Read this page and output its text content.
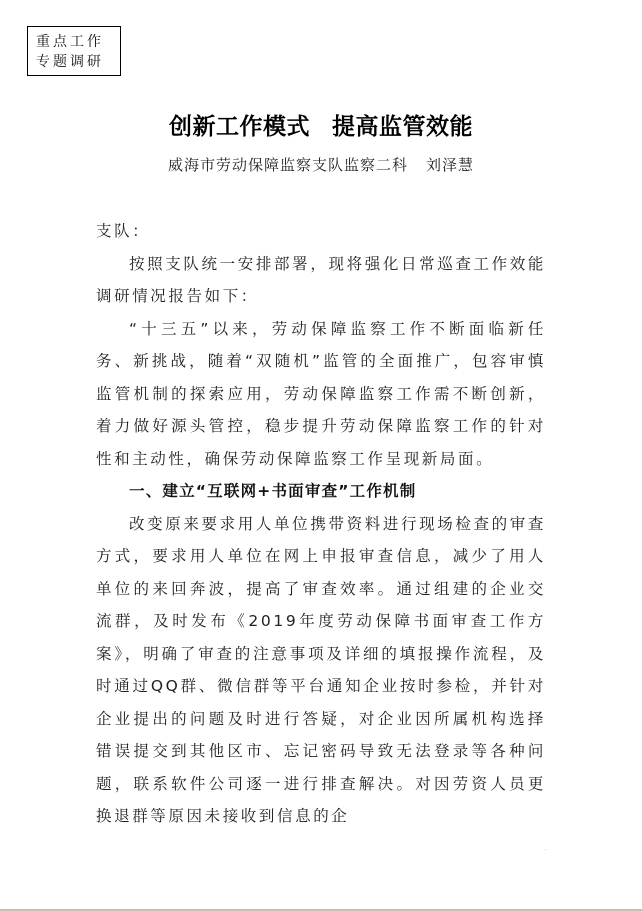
重点工作
专题调研
创新工作模式 提高监管效能
威海市劳动保障监察支队监察二科 刘泽慧

支队：

按照支队统一安排部署，现将强化日常巡查工作效能调研情况报告如下：

“十三五”以来，劳动保障监察工作不断面临新任务、新挑战，随着“双随机”监管的全面推广，包容审慎监管机制的探索应用，劳动保障监察工作需不断创新，着力做好源头管控，稳步提升劳动保障监察工作的针对性和主动性，确保劳动保障监察工作呈现新局面。

一、建立“互联网+书面审查”工作机制

改变原来要求用人单位携带资料进行现场检查的审查方式，要求用人单位在网上申报审查信息，减少了用人单位的来回奔波，提高了审查效率。通过组建的企业交流群，及时发布《2019年度劳动保障书面审查工作方案》，明确了审查的注意事项及详细的填报操作流程，及时通过QQ群、微信群等平台通知企业按时参检，并针对企业提出的问题及时进行答疑，对企业因所属机构选择错误提交到其他区市、忘记密码导致无法登录等各种问题，联系软件公司逐一进行排查解决。对因劳资人员更换退群等原因未接收到信息的企
